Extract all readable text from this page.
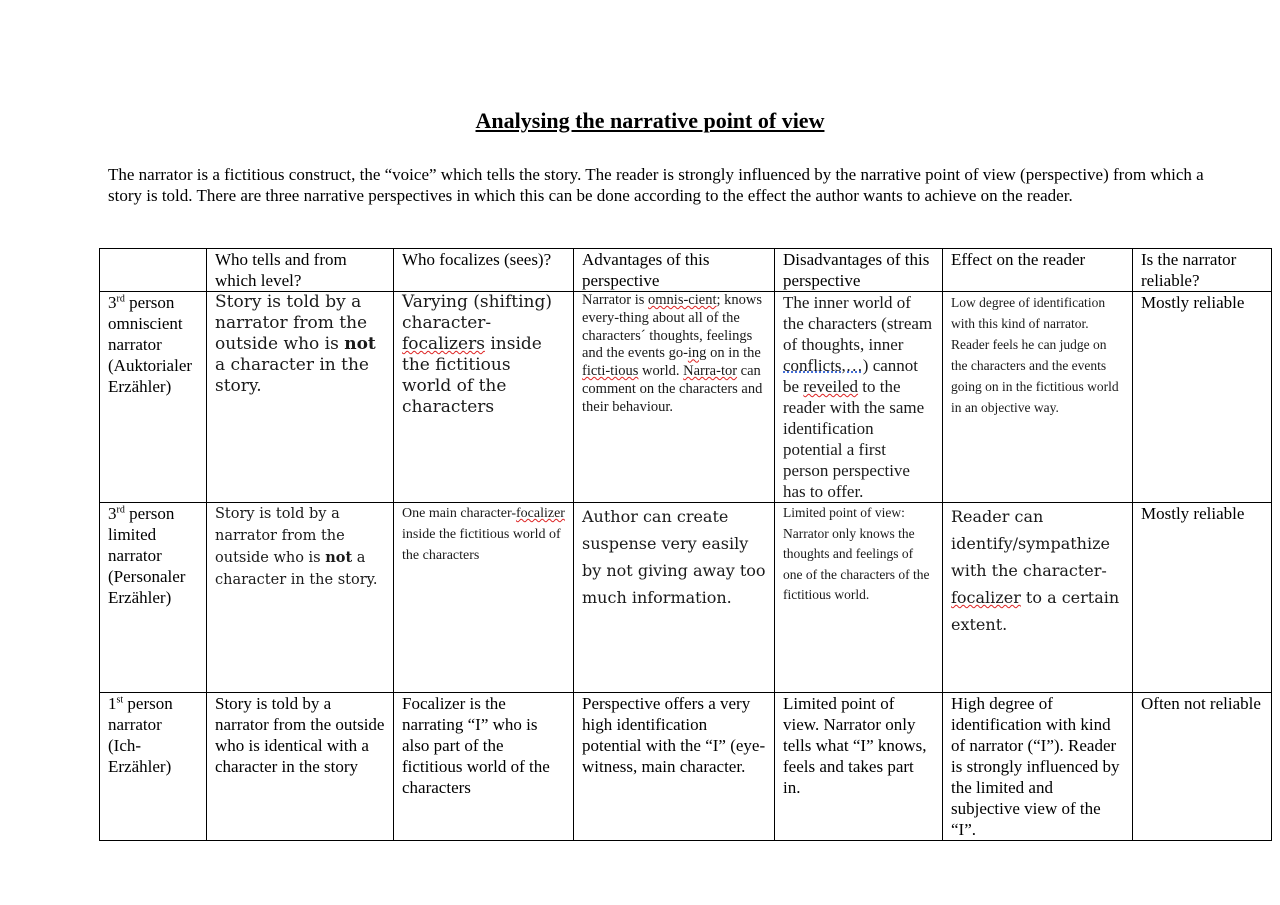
Analysing the narrative point of view
The narrator is a fictitious construct, the “voice” which tells the story. The reader is strongly influenced by the narrative point of view (perspective) from which a story is told. There are three narrative perspectives in which this can be done according to the effect the author wants to achieve on the reader.
	Who tells and from which level?	Who focalizes (sees)?	Advantages of this perspective	Disadvantages of this perspective	Effect on the reader	Is the narrator reliable?
3rd person omniscient narrator (Auktorialer Erzähler)	Story is told by a narrator from the outside who is not a character in the story.	Varying (shifting) character-focalizers inside the fictitious world of the characters	Narrator is omnis-cient; knows every-thing about all of the characters´ thoughts, feelings and the events go-ing on in the ficti-tious world. Narra-tor can comment on the characters and their behaviour.	The inner world of the characters (stream of thoughts, inner conflicts,…) cannot be reveiled to the reader with the same identification potential a first person perspective has to offer.	Low degree of identification with this kind of narrator. Reader feels he can judge on the characters and the events going on in the fictitious world in an objective way.	Mostly reliable
3rd person limited narrator (Personaler Erzähler)	Story is told by a narrator from the outside who is not a character in the story.	One main character-focalizer inside the fictitious world of the characters	Author can create suspense very easily by not giving away too much information.	Limited point of view: Narrator only knows the thoughts and feelings of one of the characters of the fictitious world.	Reader can identify/sympathize with the character-focalizer to a certain extent.	Mostly reliable
1st person narrator (Ich-Erzähler)	Story is told by a narrator from the outside who is identical with a character in the story	Focalizer is the narrating “I” who is also part of the fictitious world of the characters	Perspective offers a very high identification potential with the “I” (eye-witness, main character.	Limited point of view. Narrator only tells what “I” knows, feels and takes part in.	High degree of identification with kind of narrator (“I”). Reader is strongly influenced by the limited and subjective view of the “I”.	Often not reliable
